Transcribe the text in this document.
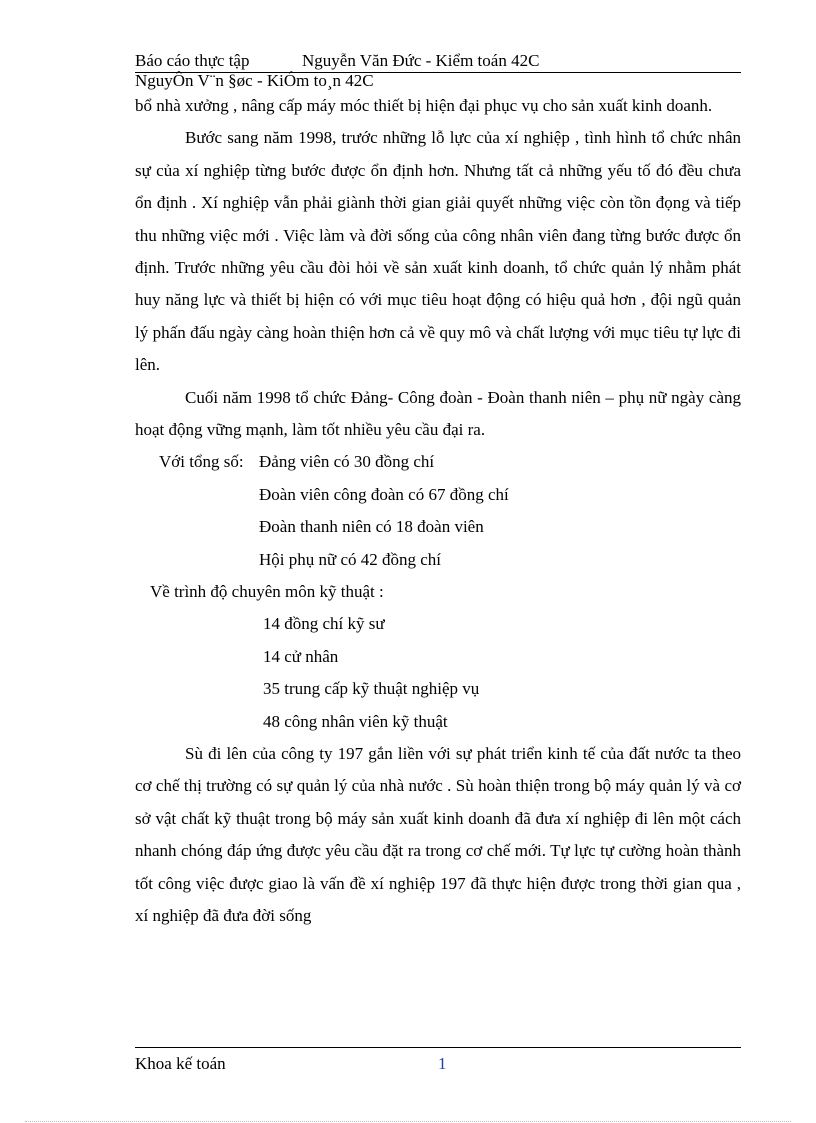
Báo cáo thực tập	Nguyễn Văn Đức - Kiểm toán 42C
NguyÔn V¨n §øc - KiÓm to¸n 42C

bổ nhà xưởng , nâng cấp máy móc thiết bị hiện đại phục vụ cho sản xuất kinh doanh.

Bước sang năm 1998, trước những lỗ lực của xí nghiệp , tình hình tổ chức nhân sự của xí nghiệp từng bước được ổn định hơn. Nhưng tất cả những yếu tố đó đều chưa ổn định . Xí nghiệp vẫn phải giành thời gian giải quyết những việc còn tồn đọng và tiếp thu những việc mới . Việc làm và đời sống của công nhân viên đang từng bước được ổn định. Trước những yêu cầu đòi hỏi về sản xuất kinh doanh, tổ chức quản lý nhằm phát huy năng lực và thiết bị hiện có với mục tiêu hoạt động có hiệu quả hơn , đội ngũ quản lý phấn đấu ngày càng hoàn thiện hơn cả về quy mô và chất lượng với mục tiêu tự lực đi lên.

Cuối năm 1998 tổ chức Đảng- Công đoàn - Đoàn thanh niên – phụ nữ ngày càng hoạt động vững mạnh, làm tốt nhiều yêu cầu đại ra.

Với tổng số: Đảng viên có 30 đồng chí
Đoàn viên công đoàn có 67 đồng chí
Đoàn thanh niên có 18 đoàn viên
Hội phụ nữ có 42 đồng chí
Về trình độ chuyên môn kỹ thuật :
14 đồng chí kỹ sư
14 cử nhân
35 trung cấp kỹ thuật nghiệp vụ
48 công nhân viên kỹ thuật

Sù đi lên của công ty 197 gắn liền với sự phát triển kinh tế của đất nước ta theo cơ chế thị trường có sự quản lý của nhà nước . Sù hoàn thiện trong bộ máy quản lý và cơ sở vật chất kỹ thuật trong bộ máy sản xuất kinh doanh đã đưa xí nghiệp đi lên một cách nhanh chóng đáp ứng được yêu cầu đặt ra trong cơ chế mới. Tự lực tự cường hoàn thành tốt công việc được giao là vấn đề xí nghiệp 197 đã thực hiện được trong thời gian qua , xí nghiệp đã đưa đời sống

Khoa kế toán	1
